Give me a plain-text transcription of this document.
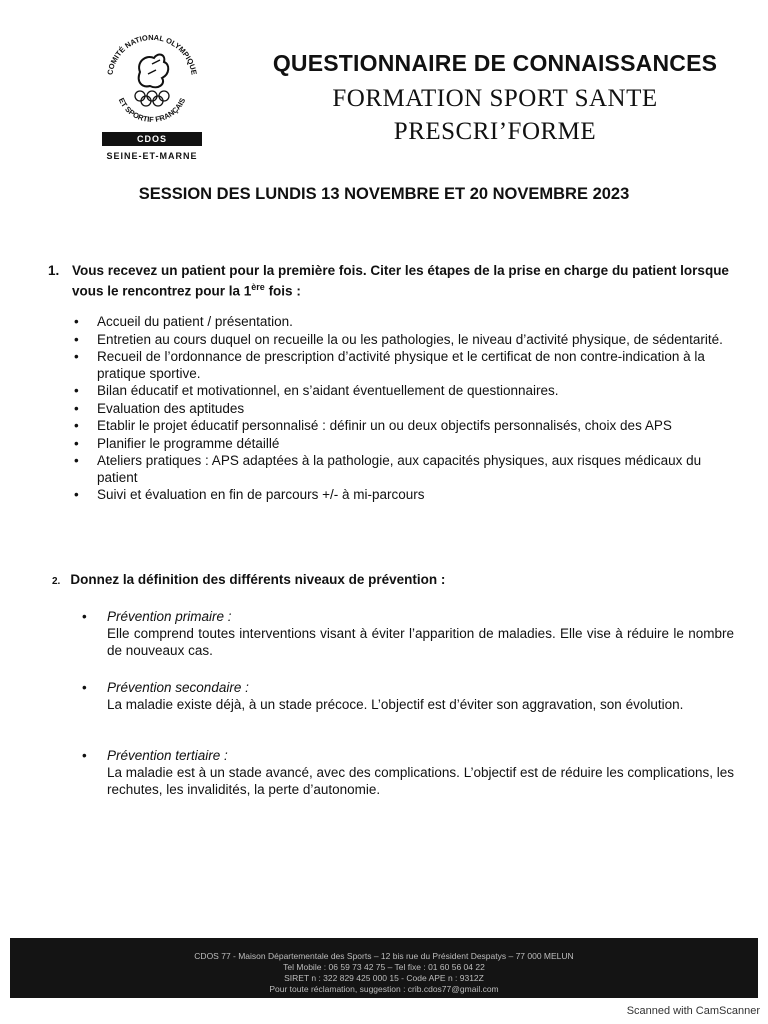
COMITÉ NATIONAL OLYMPIQUE
ET SPORTIF FRANÇAIS
CDOS
SEINE-ET-MARNE
QUESTIONNAIRE DE CONNAISSANCES
FORMATION SPORT SANTE
PRESCRI’FORME
SESSION DES LUNDIS 13 NOVEMBRE ET 20 NOVEMBRE 2023
1. Vous recevez un patient pour la première fois. Citer les étapes de la prise en charge du patient lorsque vous le rencontrez pour la 1ère fois :
• Accueil du patient / présentation.
• Entretien au cours duquel on recueille la ou les pathologies, le niveau d’activité physique, de sédentarité.
• Recueil de l’ordonnance de prescription d’activité physique et le certificat de non contre-indication à la pratique sportive.
• Bilan éducatif et motivationnel, en s’aidant éventuellement de questionnaires.
• Evaluation des aptitudes
• Etablir le projet éducatif personnalisé : définir un ou deux objectifs personnalisés, choix des APS
• Planifier le programme détaillé
• Ateliers pratiques : APS adaptées à la pathologie, aux capacités physiques, aux risques médicaux du patient
• Suivi et évaluation en fin de parcours +/- à mi-parcours
2. Donnez la définition des différents niveaux de prévention :
• Prévention primaire :
Elle comprend toutes interventions visant à éviter l’apparition de maladies. Elle vise à réduire le nombre de nouveaux cas.
• Prévention secondaire :
La maladie existe déjà, à un stade précoce. L’objectif est d’éviter son aggravation, son évolution.
• Prévention tertiaire :
La maladie est à un stade avancé, avec des complications. L’objectif est de réduire les complications, les rechutes, les invalidités, la perte d’autonomie.
CDOS 77 - Maison Départementale des Sports – 12 bis rue du Président Despatys – 77 000 MELUN
Tel Mobile : 06 59 73 42 75 – Tel fixe : 01 60 56 04 22
SIRET n : 322 829 425 000 15 - Code APE n : 9312Z
Pour toute réclamation, suggestion : crib.cdos77@gmail.com
Scanned with CamScanner
